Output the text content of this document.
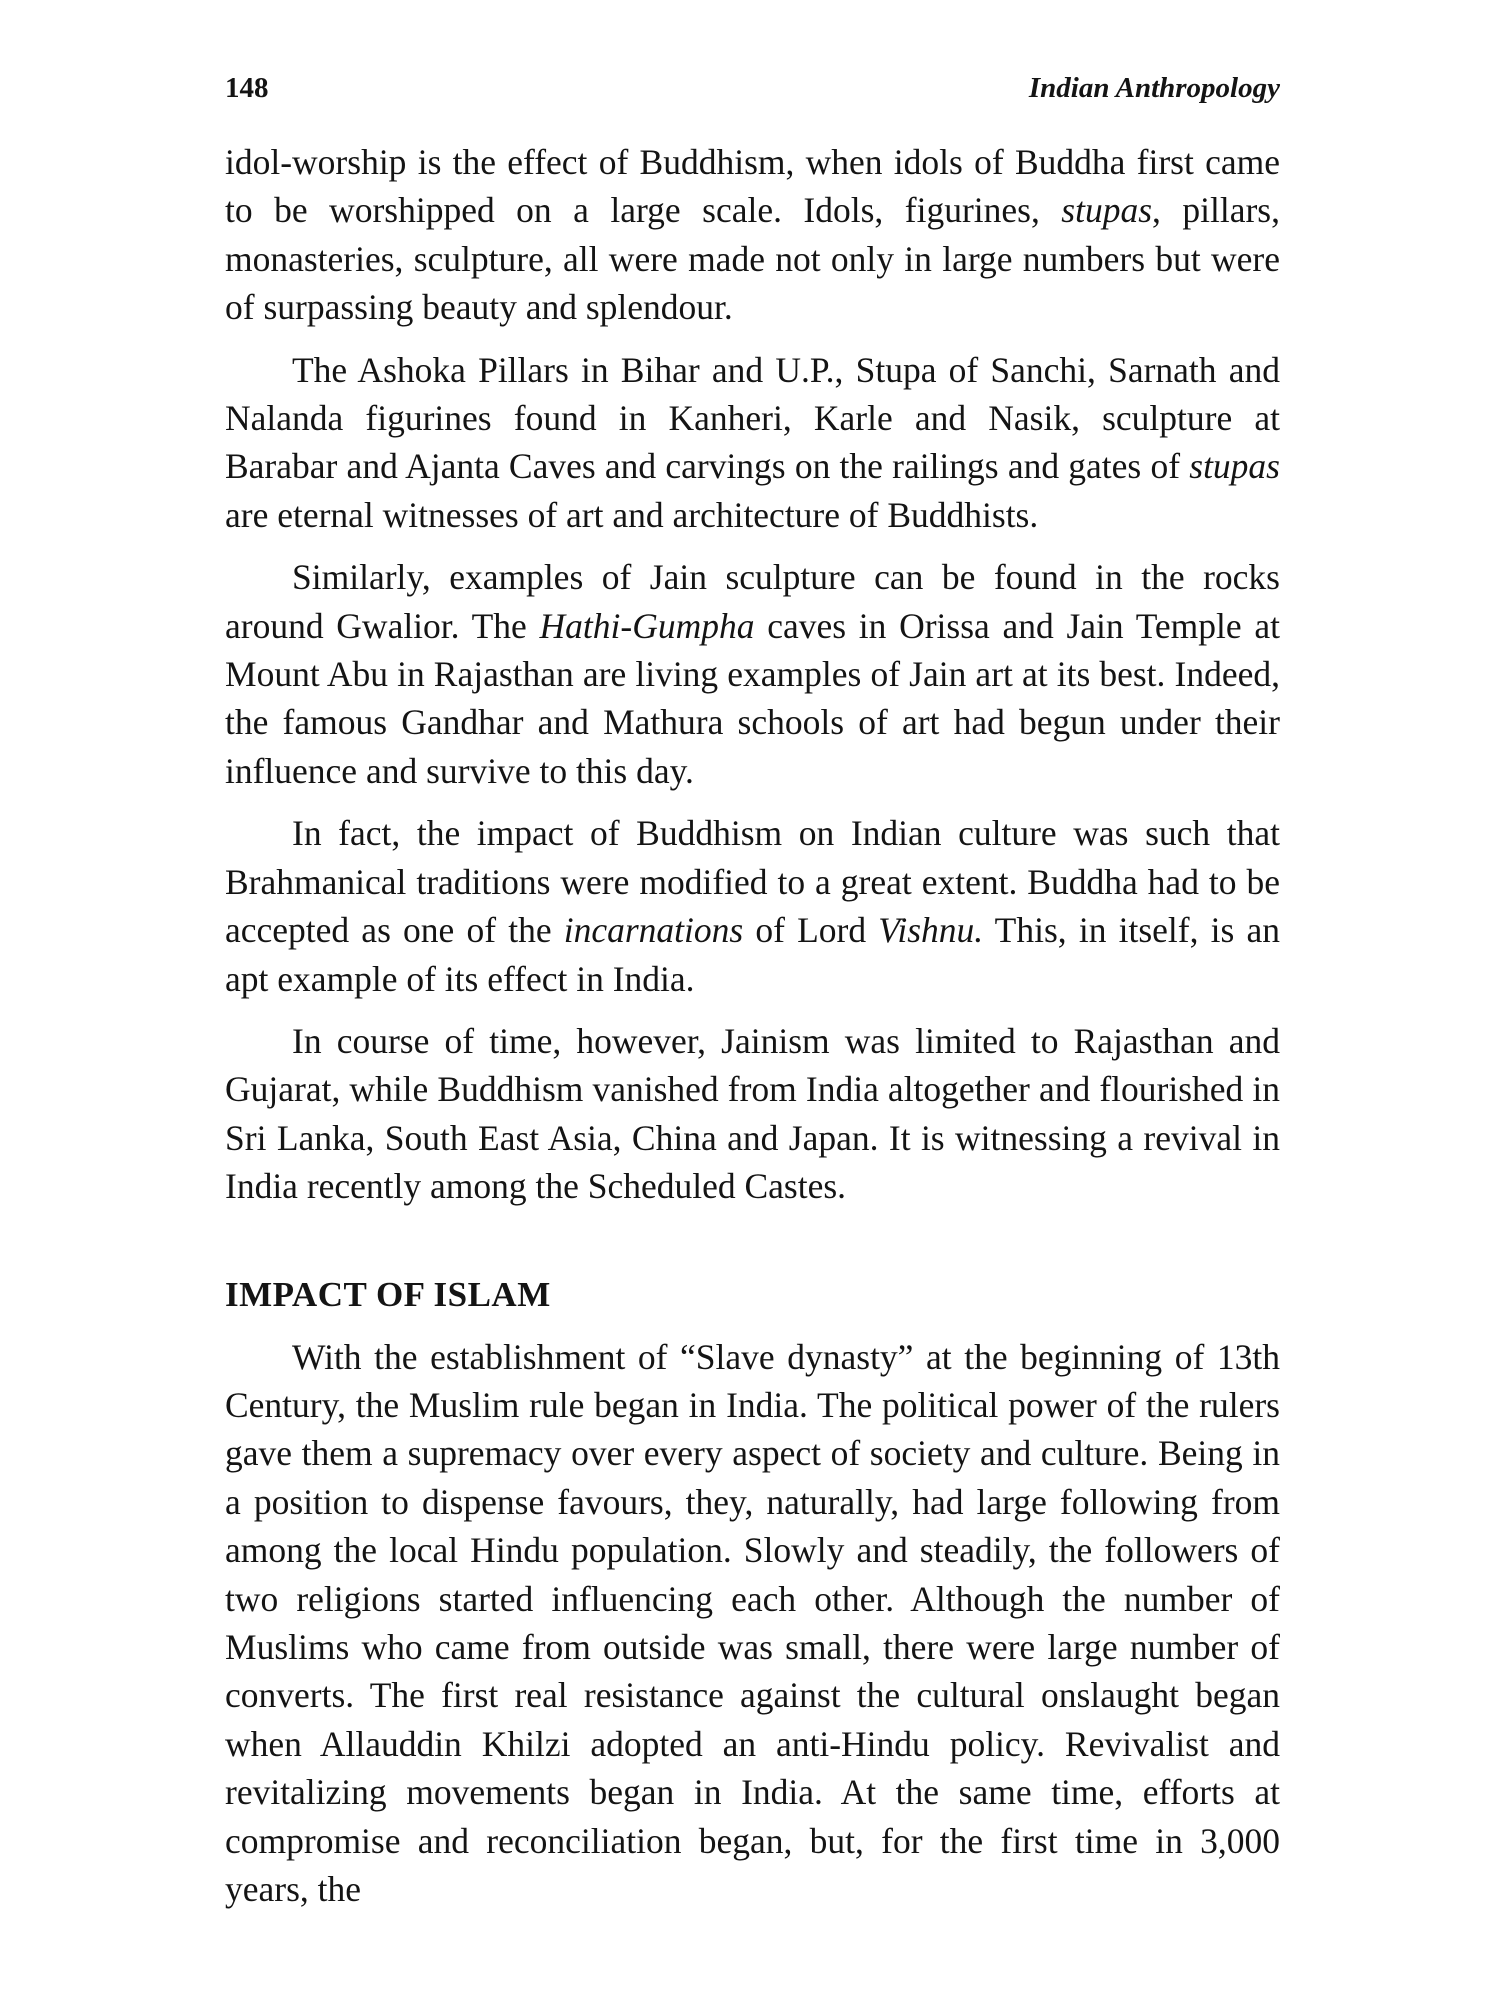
148	Indian Anthropology

idol-worship is the effect of Buddhism, when idols of Buddha first came to be worshipped on a large scale. Idols, figurines, stupas, pillars, monasteries, sculpture, all were made not only in large numbers but were of surpassing beauty and splendour.

The Ashoka Pillars in Bihar and U.P., Stupa of Sanchi, Sarnath and Nalanda figurines found in Kanheri, Karle and Nasik, sculpture at Barabar and Ajanta Caves and carvings on the railings and gates of stupas are eternal witnesses of art and architecture of Buddhists.

Similarly, examples of Jain sculpture can be found in the rocks around Gwalior. The Hathi-Gumpha caves in Orissa and Jain Temple at Mount Abu in Rajasthan are living examples of Jain art at its best. Indeed, the famous Gandhar and Mathura schools of art had begun under their influence and survive to this day.

In fact, the impact of Buddhism on Indian culture was such that Brahmanical traditions were modified to a great extent. Buddha had to be accepted as one of the incarnations of Lord Vishnu. This, in itself, is an apt example of its effect in India.

In course of time, however, Jainism was limited to Rajasthan and Gujarat, while Buddhism vanished from India altogether and flourished in Sri Lanka, South East Asia, China and Japan. It is witnessing a revival in India recently among the Scheduled Castes.

IMPACT OF ISLAM

With the establishment of “Slave dynasty” at the beginning of 13th Century, the Muslim rule began in India. The political power of the rulers gave them a supremacy over every aspect of society and culture. Being in a position to dispense favours, they, naturally, had large following from among the local Hindu population. Slowly and steadily, the followers of two religions started influencing each other. Although the number of Muslims who came from outside was small, there were large number of converts. The first real resistance against the cultural onslaught began when Allauddin Khilzi adopted an anti-Hindu policy. Revivalist and revitalizing movements began in India. At the same time, efforts at compromise and reconciliation began, but, for the first time in 3,000 years, the
